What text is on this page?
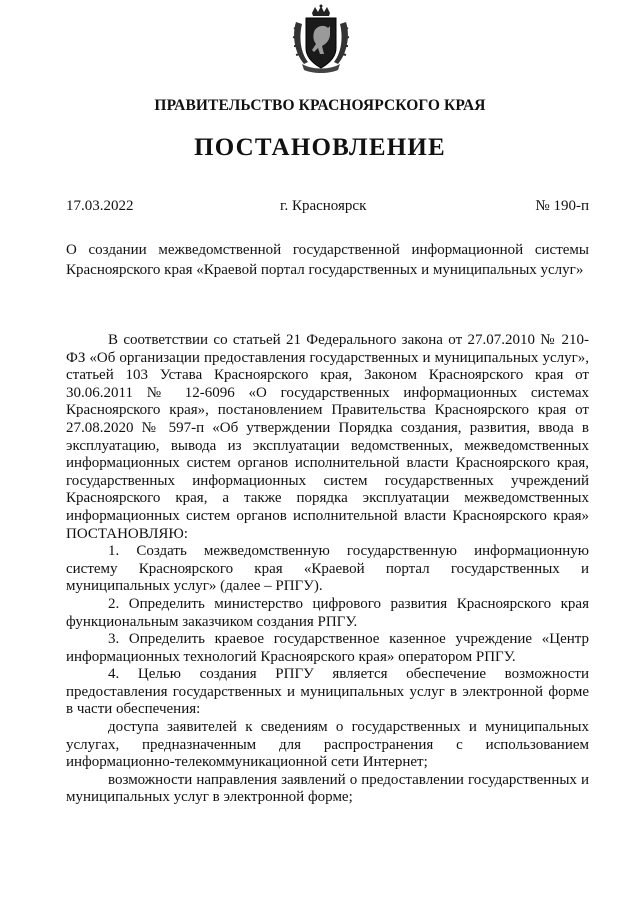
ПРАВИТЕЛЬСТВО КРАСНОЯРСКОГО КРАЯ
ПОСТАНОВЛЕНИЕ
17.03.2022	г. Красноярск	№ 190-п
О создании межведомственной государственной информационной системы Красноярского края «Краевой портал государственных и муниципальных услуг»

В соответствии со статьей 21 Федерального закона от 27.07.2010 № 210-ФЗ «Об организации предоставления государственных и муниципальных услуг», статьей 103 Устава Красноярского края, Законом Красноярского края от 30.06.2011 № 12-6096 «О государственных информационных системах Красноярского края», постановлением Правительства Красноярского края от 27.08.2020 № 597-п «Об утверждении Порядка создания, развития, ввода в эксплуатацию, вывода из эксплуатации ведомственных, межведомственных информационных систем органов исполнительной власти Красноярского края, государственных информационных систем государственных учреждений Красноярского края, а также порядка эксплуатации межведомственных информационных систем органов исполнительной власти Красноярского края» ПОСТАНОВЛЯЮ:

1. Создать межведомственную государственную информационную систему Красноярского края «Краевой портал государственных и муниципальных услуг» (далее – РПГУ).

2. Определить министерство цифрового развития Красноярского края функциональным заказчиком создания РПГУ.

3. Определить краевое государственное казенное учреждение «Центр информационных технологий Красноярского края» оператором РПГУ.

4. Целью создания РПГУ является обеспечение возможности предоставления государственных и муниципальных услуг в электронной форме в части обеспечения:

доступа заявителей к сведениям о государственных и муниципальных услугах, предназначенным для распространения с использованием информационно-телекоммуникационной сети Интернет;

возможности направления заявлений о предоставлении государственных и муниципальных услуг в электронной форме;
